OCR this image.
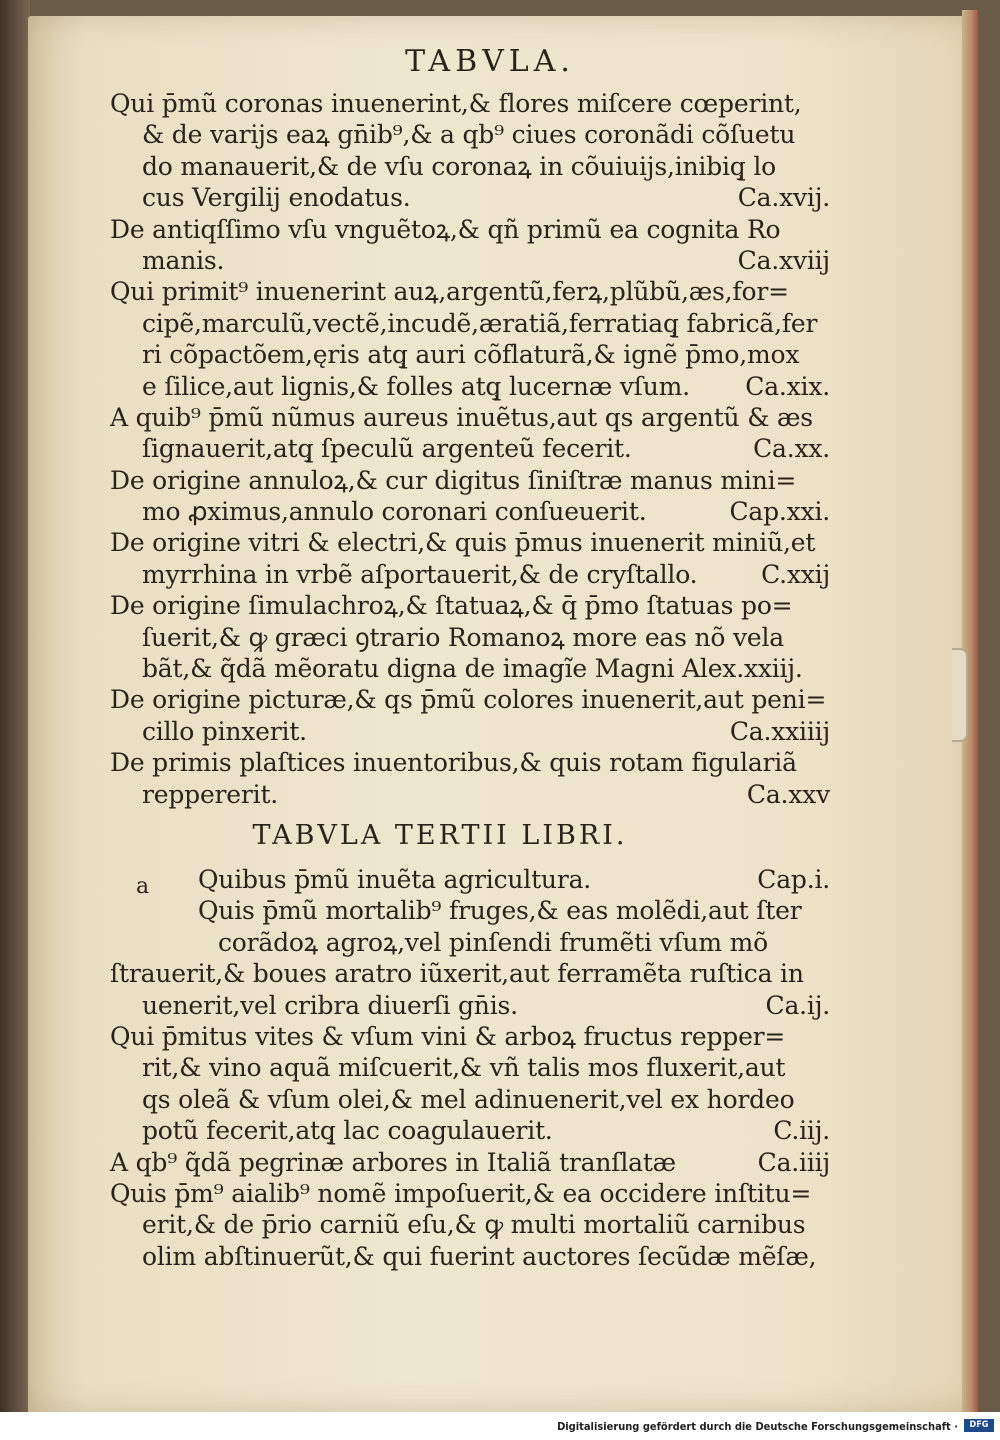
TABVLA.
Qui p̄mũ coronas inuenerint,& flores miſcere cœperint,
& de varijs eaꝝ gn̄ib⁹,& a qb⁹ ciues coronãdi cõſuetu
do manauerit,& de vſu coronaꝝ in cõuiuijs,inibiq̧ lo
cus Vergilij enodatus.	Ca.xvij.
De antiqſſimo vſu vnguẽtoꝝ,& qñ primũ ea cognita Ro
manis.	Ca.xviij
Qui primit⁹ inuenerint auꝝ,argentũ,ferꝝ,plũbũ,æs,for=
cipẽ,marculũ,vectẽ,incudẽ,æratiã,ferratiaq̧ fabricã,fer
ri cõpactõem,ęris atq̧ auri cõflaturã,& ignẽ p̄mo,mox
e ſilice,aut lignis,& folles atq̧ lucernæ vſum. Ca.xix.
A quib⁹ p̄mũ nũmus aureus inuẽtus,aut qs argentũ & æs
ſignauerit,atq̧ ſpeculũ argenteũ fecerit.	Ca.xx.
De origine annuloꝝ,& cur digitus ſiniſtræ manus mini=
mo ꝓximus,annulo coronari conſueuerit.	Cap.xxi.
De origine vitri & electri,& quis p̄mus inuenerit miniũ,et
myrrhina in vrbẽ aſportauerit,& de cryſtallo.	C.xxij
De origine ſimulachroꝝ,& ſtatuaꝝ,& q̄ p̄mo ſtatuas po=
ſuerit,& ꝙ græci ꝯtrario Romanoꝝ more eas nõ vela
bãt,& q̃dã mẽoratu digna de imagĩe Magni Alex.xxiij.
De origine picturæ,& qs p̄mũ colores inuenerit,aut peni=
cillo pinxerit.	Ca.xxiiij
De primis plaſtices inuentoribus,& quis rotam figulariã
reppererit.	Ca.xxv
TABVLA TERTII LIBRI.
Quibus p̄mũ inuẽta agricultura.	Cap.i.
Quis p̄mũ mortalib⁹ fruges,& eas molẽdi,aut ſter
corãdoꝝ agroꝝ,vel pinſendi frumẽti vſum mõ
ſtrauerit,& boues aratro iũxerit,aut ferramẽta ruſtica in
uenerit,vel cribra diuerſi gn̄is.	Ca.ij.
Qui p̄mitus vites & vſum vini & arboꝝ fructus repper=
rit,& vino aquã miſcuerit,& vñ talis mos fluxerit,aut
qs oleã & vſum olei,& mel adinuenerit,vel ex hordeo
potũ fecerit,atq̧ lac coagulauerit.	C.iij.
A qb⁹ q̃dã pegrinæ arbores in Italiã tranſlatæ	Ca.iiij
Quis p̄m⁹ aialib⁹ nomẽ impoſuerit,& ea occidere inſtitu=
erit,& de p̄rio carniũ eſu,& ꝙ multi mortaliũ carnibus
olim abſtinuerũt,& qui fuerint auctores ſecũdæ mẽſæ,
a
Digitalisierung gefördert durch die Deutsche Forschungsgemeinschaft ·	DFG
